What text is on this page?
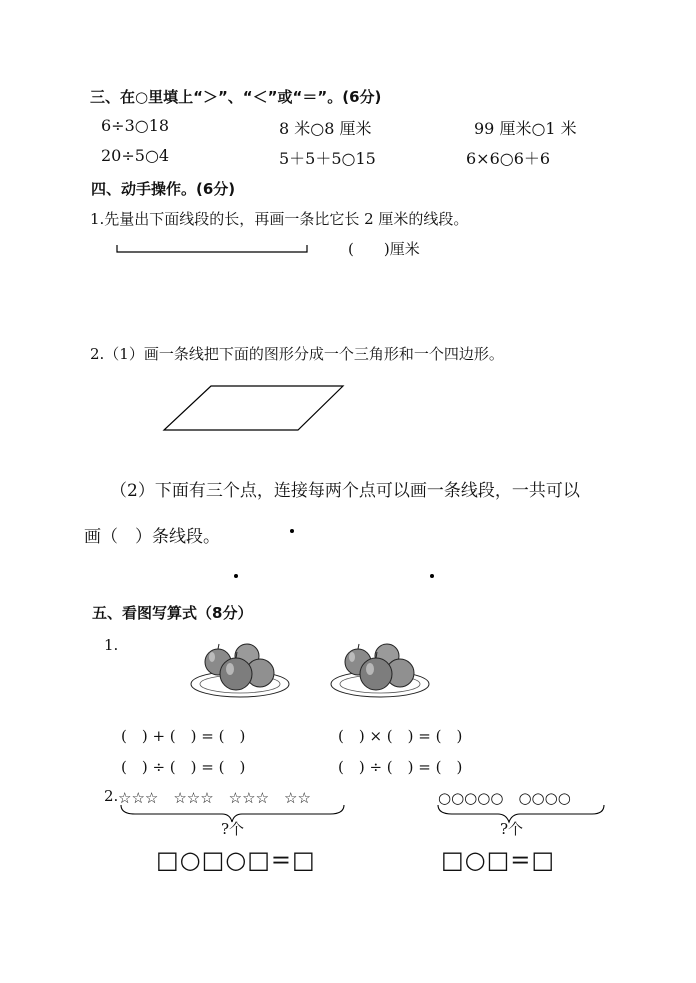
三、在○里填上“＞”、“＜”或“＝”。(6分)
6÷3○18	8 米○8 厘米	99 厘米○1 米
20÷5○4	5＋5＋5○15	6×6○6＋6
四、动手操作。(6分)
1.先量出下面线段的长，再画一条比它长 2 厘米的线段。
(　　)厘米
2.（1）画一条线把下面的图形分成一个三角形和一个四边形。
（2）下面有三个点，连接每两个点可以画一条线段，一共可以
画（　）条线段。
五、看图写算式（8分）
1.
(　) + (　) = (　)	(　) × (　) = (　)
(　) ÷ (　) = (　)	(　) ÷ (　) = (　)
2. ☆☆☆　☆☆☆　☆☆☆　☆☆	○○○○○　○○○○
?个	?个
□○□○□=□	□○□=□
